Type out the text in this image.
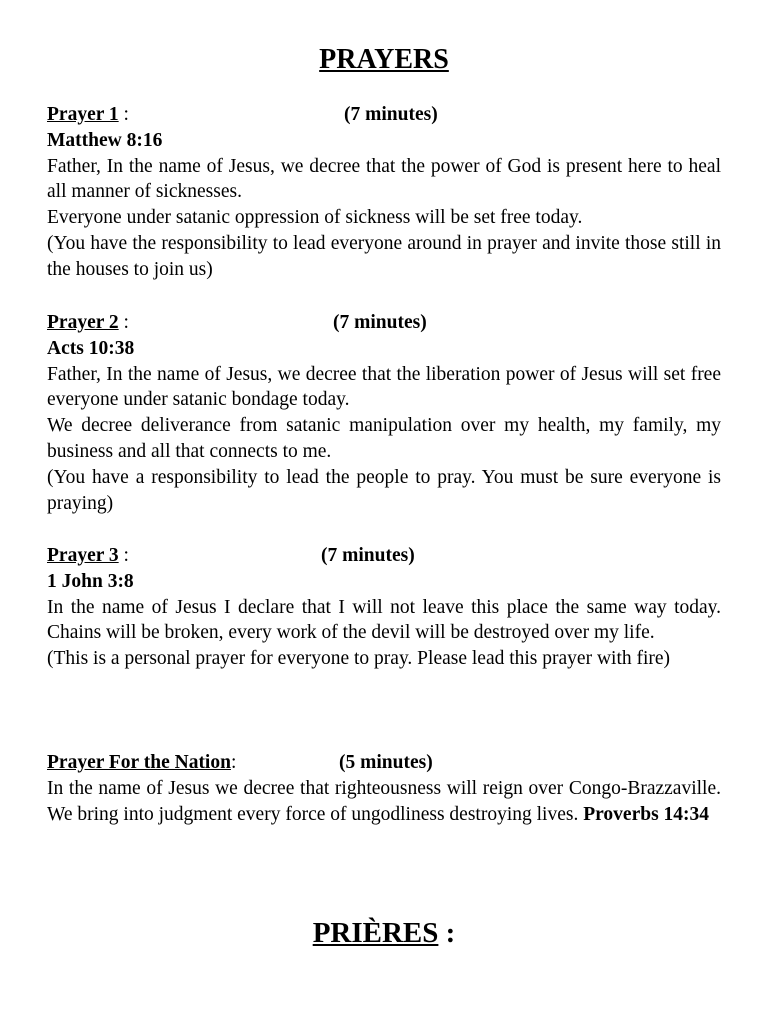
PRAYERS
Prayer 1 :	(7 minutes)
Matthew 8:16

Father, In the name of Jesus, we decree that the power of God is present here to heal all manner of sicknesses.

Everyone under satanic oppression of sickness will be set free today.

(You have the responsibility to lead everyone around in prayer and invite those still in the houses to join us)

Prayer 2 :	(7 minutes)
Acts 10:38

Father, In the name of Jesus, we decree that the liberation power of Jesus will set free everyone under satanic bondage today.

We decree deliverance from satanic manipulation over my health, my family, my business and all that connects to me.

(You have a responsibility to lead the people to pray. You must be sure everyone is praying)

Prayer 3 :	(7 minutes)
1 John 3:8

In the name of Jesus I declare that I will not leave this place the same way today. Chains will be broken, every work of the devil will be destroyed over my life.

(This is a personal prayer for everyone to pray. Please lead this prayer with fire)

Prayer For the Nation:	(5 minutes)

In the name of Jesus we decree that righteousness will reign over Congo-Brazzaville. We bring into judgment every force of ungodliness destroying lives. Proverbs 14:34

PRIÈRES :
